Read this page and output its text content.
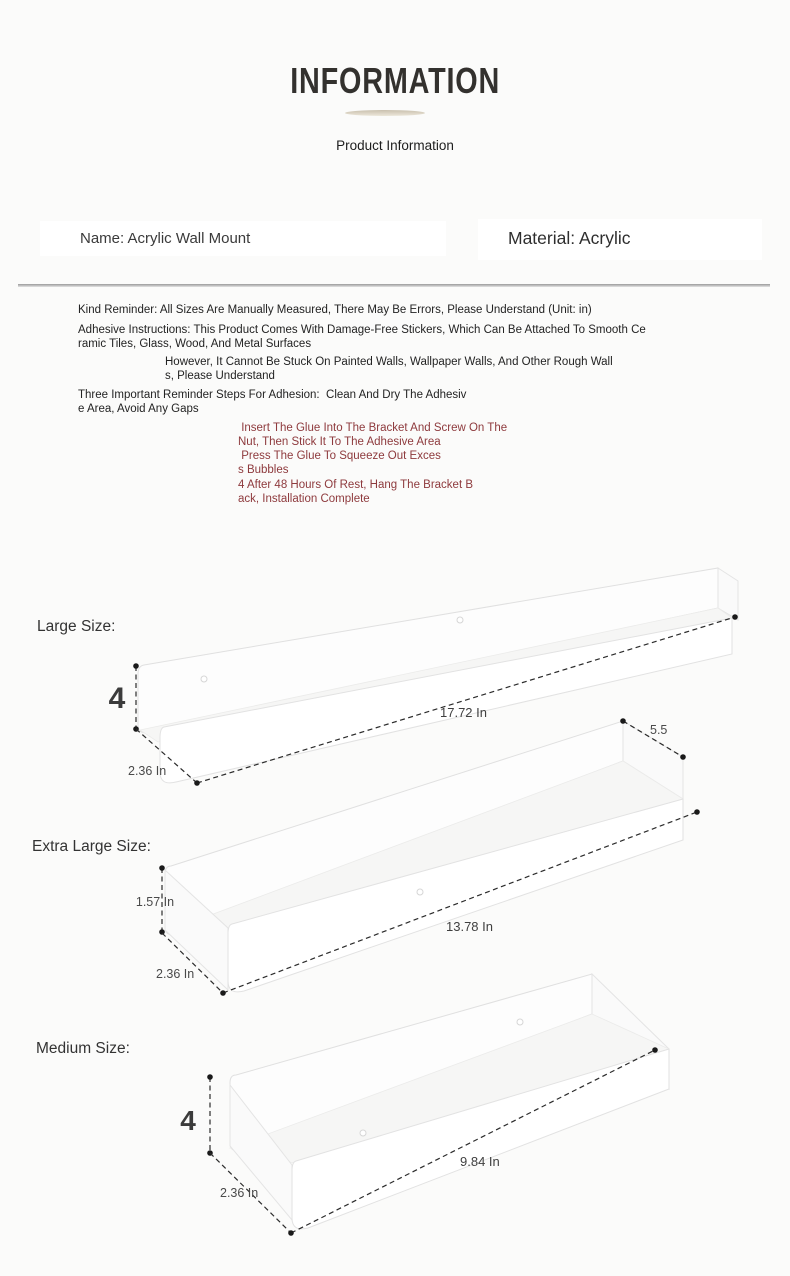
INFORMATION
Product Information
Name: Acrylic Wall Mount	Material: Acrylic
Kind Reminder: All Sizes Are Manually Measured, There May Be Errors, Please Understand (Unit: in)
Adhesive Instructions: This Product Comes With Damage-Free Stickers, Which Can Be Attached To Smooth Ce
ramic Tiles, Glass, Wood, And Metal Surfaces
However, It Cannot Be Stuck On Painted Walls, Wallpaper Walls, And Other Rough Wall
s, Please Understand
Three Important Reminder Steps For Adhesion:  Clean And Dry The Adhesiv
e Area, Avoid Any Gaps
Insert The Glue Into The Bracket And Screw On The
Nut, Then Stick It To The Adhesive Area
Press The Glue To Squeeze Out Exces
s Bubbles
4 After 48 Hours Of Rest, Hang The Bracket B
ack, Installation Complete
Large Size:
Extra Large Size:
Medium Size:
4
2.36 In
17.72 In
1.57 In
2.36 In
13.78 In
5.5
4
2.36 In
9.84 In
